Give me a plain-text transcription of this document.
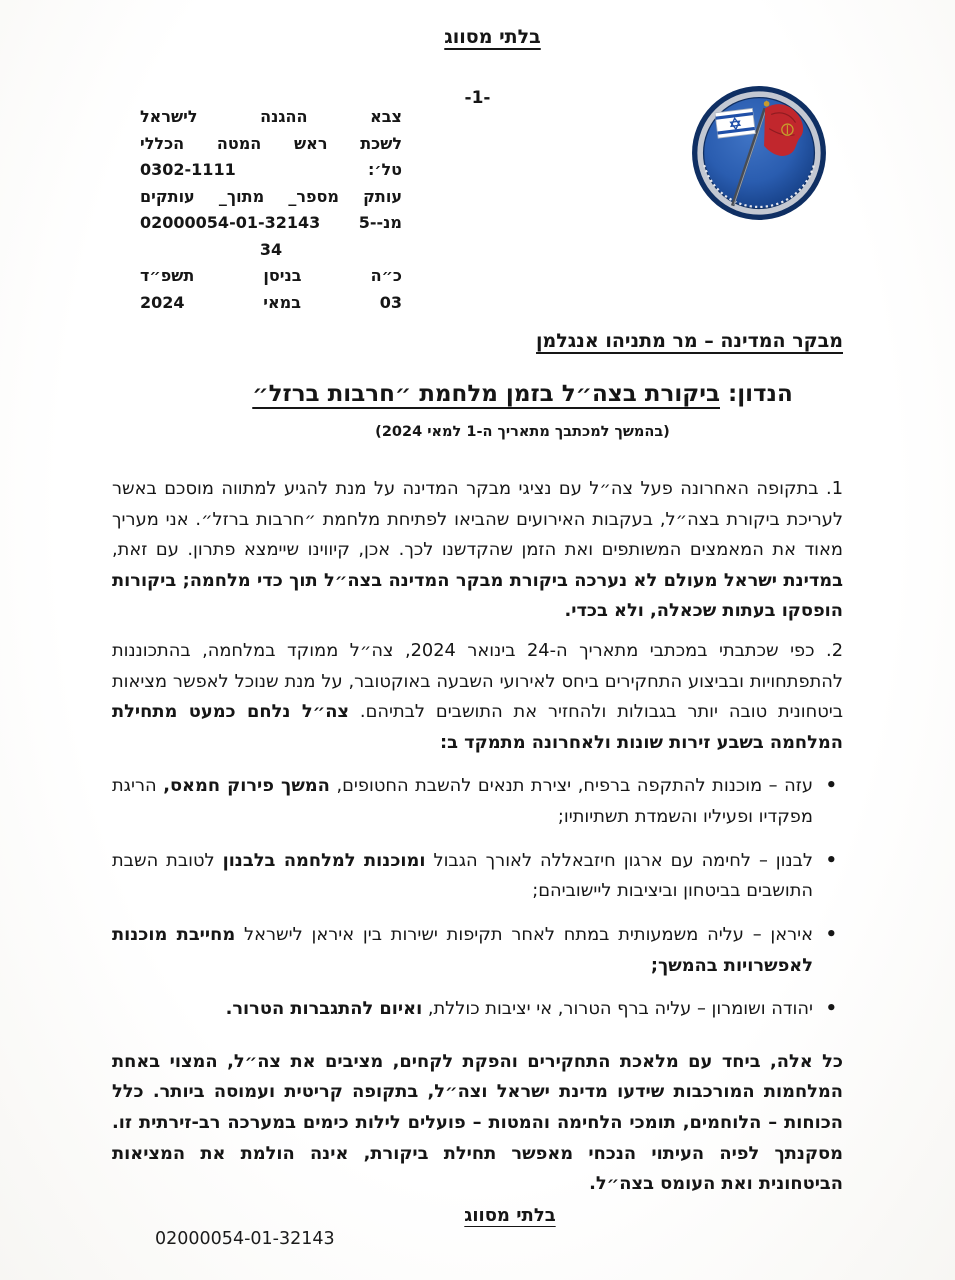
בלתי מסווג
-1-
צבא ההגנה לישראל
לשכת ראש המטה הכללי
טל׳: 0302-1111
עותק מספר_ מתוך_ עותקים
מנ--5 02000054-01-32143
34
כ״ה בניסן תשפ״ד
03 במאי 2024
מבקר המדינה – מר מתניהו אנגלמן
הנדון: ביקורת בצה״ל בזמן מלחמת ״חרבות ברזל״
(בהמשך למכתבך מתאריך ה-1 למאי 2024)

1. בתקופה האחרונה פעל צה״ל עם נציגי מבקר המדינה על מנת להגיע למתווה מוסכם באשר לעריכת ביקורת בצה״ל, בעקבות האירועים שהביאו לפתיחת מלחמת ״חרבות ברזל״. אני מעריך מאוד את המאמצים המשותפים ואת הזמן שהקדשנו לכך. אכן, קיווינו שיימצא פתרון. עם זאת, במדינת ישראל מעולם לא נערכה ביקורת מבקר המדינה בצה״ל תוך כדי מלחמה; ביקורות הופסקו בעתות שכאלה, ולא בכדי.

2. כפי שכתבתי במכתבי מתאריך ה-24 בינואר 2024, צה״ל ממוקד במלחמה, בהתכוננות להתפתחויות ובביצוע התחקירים ביחס לאירועי השבעה באוקטובר, על מנת שנוכל לאפשר מציאות ביטחונית טובה יותר בגבולות ולהחזיר את התושבים לבתיהם. צה״ל נלחם כמעט מתחילת המלחמה בשבע זירות שונות ולאחרונה מתמקד ב:

•
עזה – מוכנות להתקפה ברפיח, יצירת תנאים להשבת החטופים, המשך פירוק חמאס, הריגת מפקדיו ופעיליו והשמדת תשתיותיו;
•
לבנון – לחימה עם ארגון חיזבאללה לאורך הגבול ומוכנות למלחמה בלבנון לטובת השבת התושבים בביטחון וביציבות ליישוביהם;
•
איראן – עליה משמעותית במתח לאחר תקיפות ישירות בין איראן לישראל מחייבת מוכנות לאפשרויות בהמשך;
•
יהודה ושומרון – עליה ברף הטרור, אי יציבות כוללת, ואיום להתגברות הטרור.

כל אלה, ביחד עם מלאכת התחקירים והפקת לקחים, מציבים את צה״ל, המצוי באחת המלחמות המורכבות שידעו מדינת ישראל וצה״ל, בתקופה קריטית ועמוסה ביותר. כלל הכוחות – הלוחמים, תומכי הלחימה והמטות – פועלים לילות כימים במערכה רב-זירתית זו. מסקנתך לפיה העיתוי הנכחי מאפשר תחילת ביקורת, אינה הולמת את המציאות הביטחונית ואת העומס בצה״ל.

בלתי מסווג
02000054-01-32143
